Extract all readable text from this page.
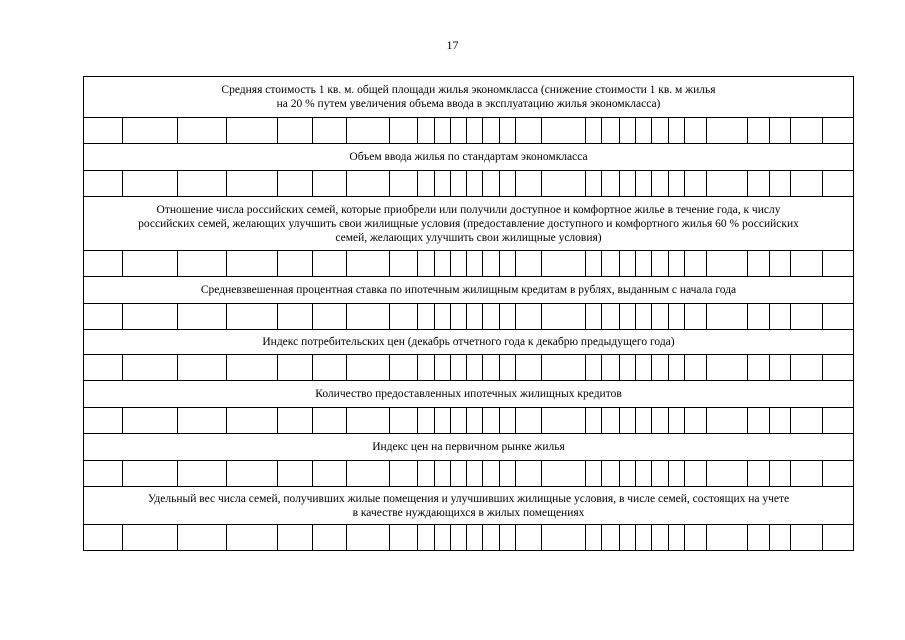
17
Средняя стоимость 1 кв. м. общей площади жилья экономкласса (снижение стоимости 1 кв. м жилья
на 20 % путем увеличения объема ввода в эксплуатацию жилья экономкласса)																											

Объем ввода жилья по стандартам экономкласса																											

Отношение числа российских семей, которые приобрели или получили доступное и комфортное жилье в течение года, к числу
российских семей, желающих улучшить свои жилищные условия (предоставление доступного и комфортного жилья 60 % российских
семей, желающих улучшить свои жилищные условия)																											

Средневзвешенная процентная ставка по ипотечным жилищным кредитам в рублях, выданным с начала года																											

Индекс потребительских цен (декабрь отчетного года к декабрю предыдущего года)																											

Количество предоставленных ипотечных жилищных кредитов																											

Индекс цен на первичном рынке жилья																											

Удельный вес числа семей, получивших жилые помещения и улучшивших жилищные условия, в числе семей, состоящих на учете
в качестве нуждающихся в жилых помещениях																											
